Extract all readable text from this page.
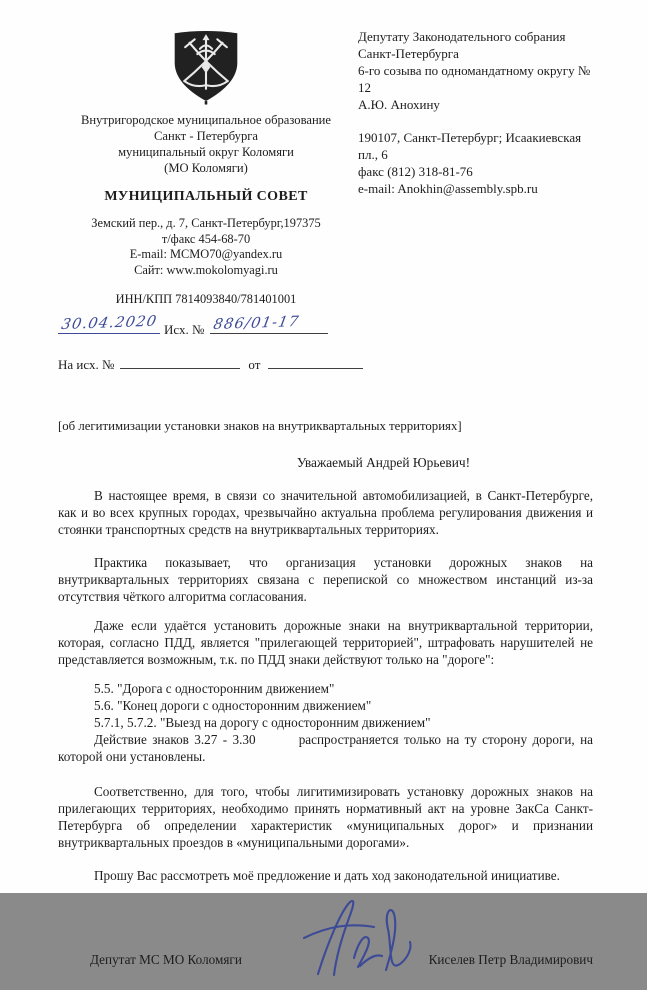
Внутригородское муниципальное образование
Санкт - Петербурга
муниципальный округ Коломяги
(МО Коломяги)
МУНИЦИПАЛЬНЫЙ СОВЕТ
Земский пер., д. 7, Санкт-Петербург,197375
т/факс 454-68-70
E-mail: MCMO70@yandex.ru
Сайт: www.mokolomyagi.ru
ИНН/КПП 7814093840/781401001
Депутату Законодательного собрания
Санкт-Петербурга
6-го созыва по одномандатному округу №
12
А.Ю. Анохину
190107, Санкт-Петербург; Исаакиевская
пл., 6
факс (812) 318-81-76
e-mail: Anokhin@assembly.spb.ru
30.04.2020 Исх. № 886/01-17
На исх. №	от
[об легитимизации установки знаков на внутриквартальных территориях]
Уважаемый Андрей Юрьевич!

В настоящее время, в связи со значительной автомобилизацией, в Санкт-Петербурге, как и во всех крупных городах, чрезвычайно актуальна проблема регулирования движения и стоянки транспортных средств на внутриквартальных территориях.

Практика показывает, что организация установки дорожных знаков на внутриквартальных территориях связана с перепиской со множеством инстанций из-за отсутствия чёткого алгоритма согласования.

Даже если удаётся установить дорожные знаки на внутриквартальной территории, которая, согласно ПДД, является "прилегающей территорией", штрафовать нарушителей не представляется возможным, т.к. по ПДД знаки действуют только на "дороге":

5.5. "Дорога с односторонним движением"
5.6. "Конец дороги с односторонним движением"
5.7.1, 5.7.2. "Выезд на дорогу с односторонним движением"

Действие знаков 3.27 - 3.30        распространяется только на ту сторону дороги, на которой они установлены.

Соответственно, для того, чтобы лигитимизировать установку дорожных знаков на прилегающих территориях, необходимо принять нормативный акт на уровне ЗакСа Санкт-Петербурга об определении характеристик «муниципальных дорог» и признании внутриквартальных проездов в «муниципальными дорогами».

Прошу Вас рассмотреть моё предложение и дать ход законодательной инициативе.

Депутат МС МО Коломяги	Киселев Петр Владимирович
